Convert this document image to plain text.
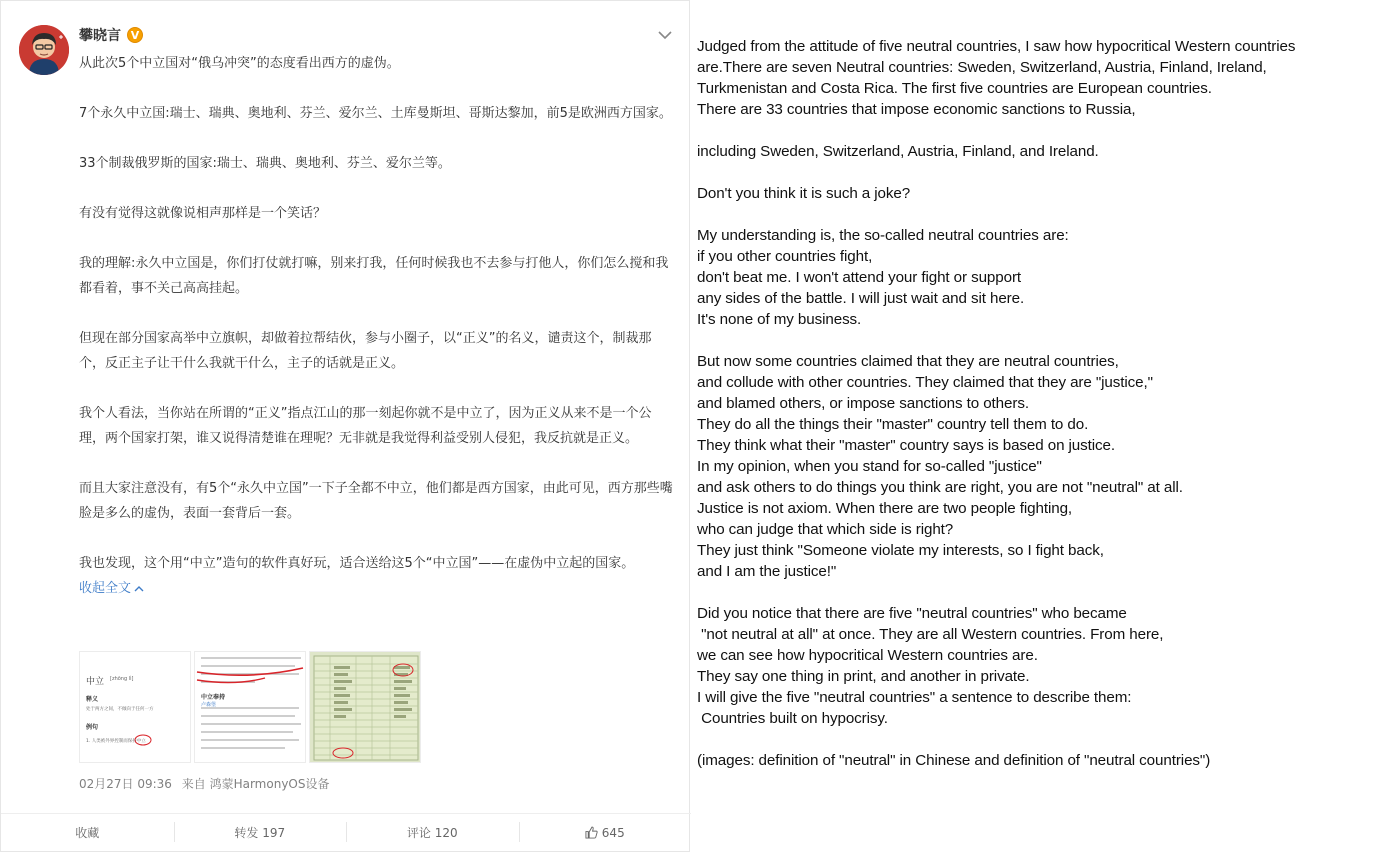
攀晓言 V

从此次5个中立国对“俄乌冲突”的态度看出西方的虚伪。

7个永久中立国:瑞士、瑞典、奥地利、芬兰、爱尔兰、土库曼斯坦、哥斯达黎加，前5是欧洲西方国家。

33个制裁俄罗斯的国家:瑞士、瑞典、奥地利、芬兰、爱尔兰等。

有没有觉得这就像说相声那样是一个笑话？

我的理解:永久中立国是，你们打仗就打嘛，别来打我，任何时候我也不去参与打他人，你们怎么搅和我都看着，事不关己高高挂起。

但现在部分国家高举中立旗帜，却做着拉帮结伙，参与小圈子，以“正义”的名义，谴责这个，制裁那个，反正主子让干什么我就干什么，主子的话就是正义。

我个人看法，当你站在所谓的“正义”指点江山的那一刻起你就不是中立了，因为正义从来不是一个公理，两个国家打架，谁又说得清楚谁在理呢？无非就是我觉得利益受别人侵犯，我反抗就是正义。

而且大家注意没有，有5个“永久中立国”一下子全都不中立，他们都是西方国家，由此可见，西方那些嘴脸是多么的虚伪，表面一套背后一套。

我也发现，这个用“中立”造句的软件真好玩，适合送给这5个“中立国”——在虚伪中立起的国家。

收起全文
中立 [zhōng lì]
释义
处于两方之间，不倾向于任何一方
例句
1. 人类被外界控制而保持中立
中立奉持
卢森堡
02月27日 09:36 来自 鸿蒙HarmonyOS设备
收藏	转发 197	评论 120	645
Judged from the attitude of five neutral countries, I saw how hypocritical Western countries
are.There are seven Neutral countries: Sweden, Switzerland, Austria, Finland, Ireland,
Turkmenistan and Costa Rica. The first five countries are European countries.
There are 33 countries that impose economic sanctions to Russia,
including Sweden, Switzerland, Austria, Finland, and Ireland.
Don't you think it is such a joke?
My understanding is, the so-called neutral countries are:
if you other countries fight,
don't beat me. I won't attend your fight or support
any sides of the battle. I will just wait and sit here.
It's none of my business.
But now some countries claimed that they are neutral countries,
and collude with other countries. They claimed that they are "justice,"
and blamed others, or impose sanctions to others.
They do all the things their "master" country tell them to do.
They think what their "master" country says is based on justice.
In my opinion, when you stand for so-called "justice"
and ask others to do things you think are right, you are not "neutral" at all.
Justice is not axiom. When there are two people fighting,
who can judge that which side is right?
They just think "Someone violate my interests, so I fight back,
and I am the justice!"
Did you notice that there are five "neutral countries" who became
"not neutral at all" at once. They are all Western countries. From here,
we can see how hypocritical Western countries are.
They say one thing in print, and another in private.
I will give the five "neutral countries" a sentence to describe them:
Countries built on hypocrisy.
(images: definition of "neutral" in Chinese and definition of "neutral countries")
